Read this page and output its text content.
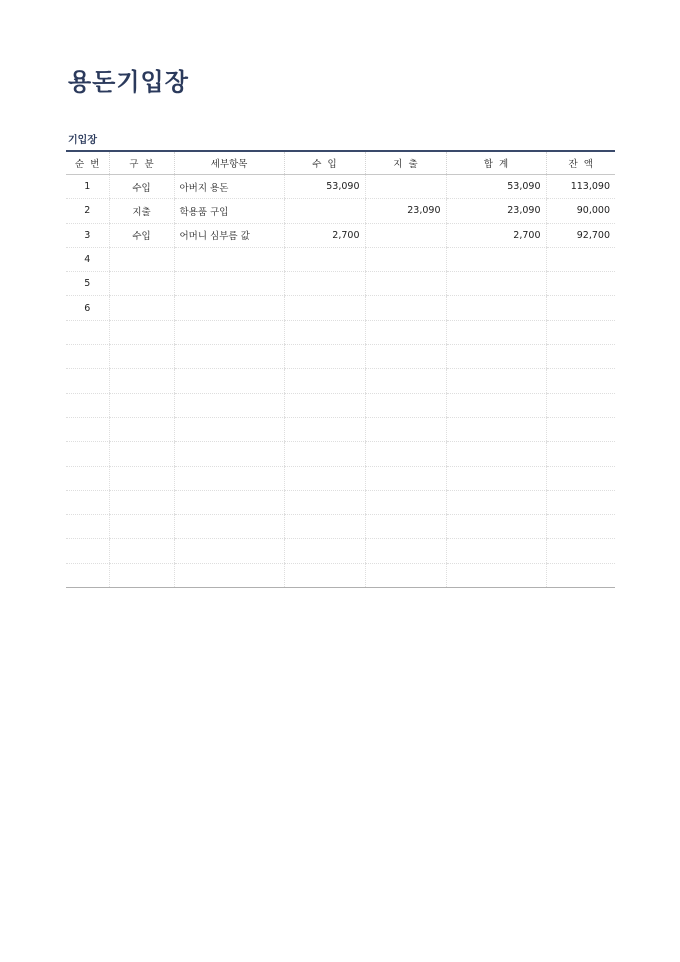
용돈기입장
기입장
순  번	구  분	세부항목	수  입	지  출	합  계	잔  액
1	수입	아버지 용돈	53,090		53,090	113,090
2	지출	학용품 구입		23,090	23,090	90,000
3	수입	어머니 심부름 값	2,700		2,700	92,700
4						
5						
6						
